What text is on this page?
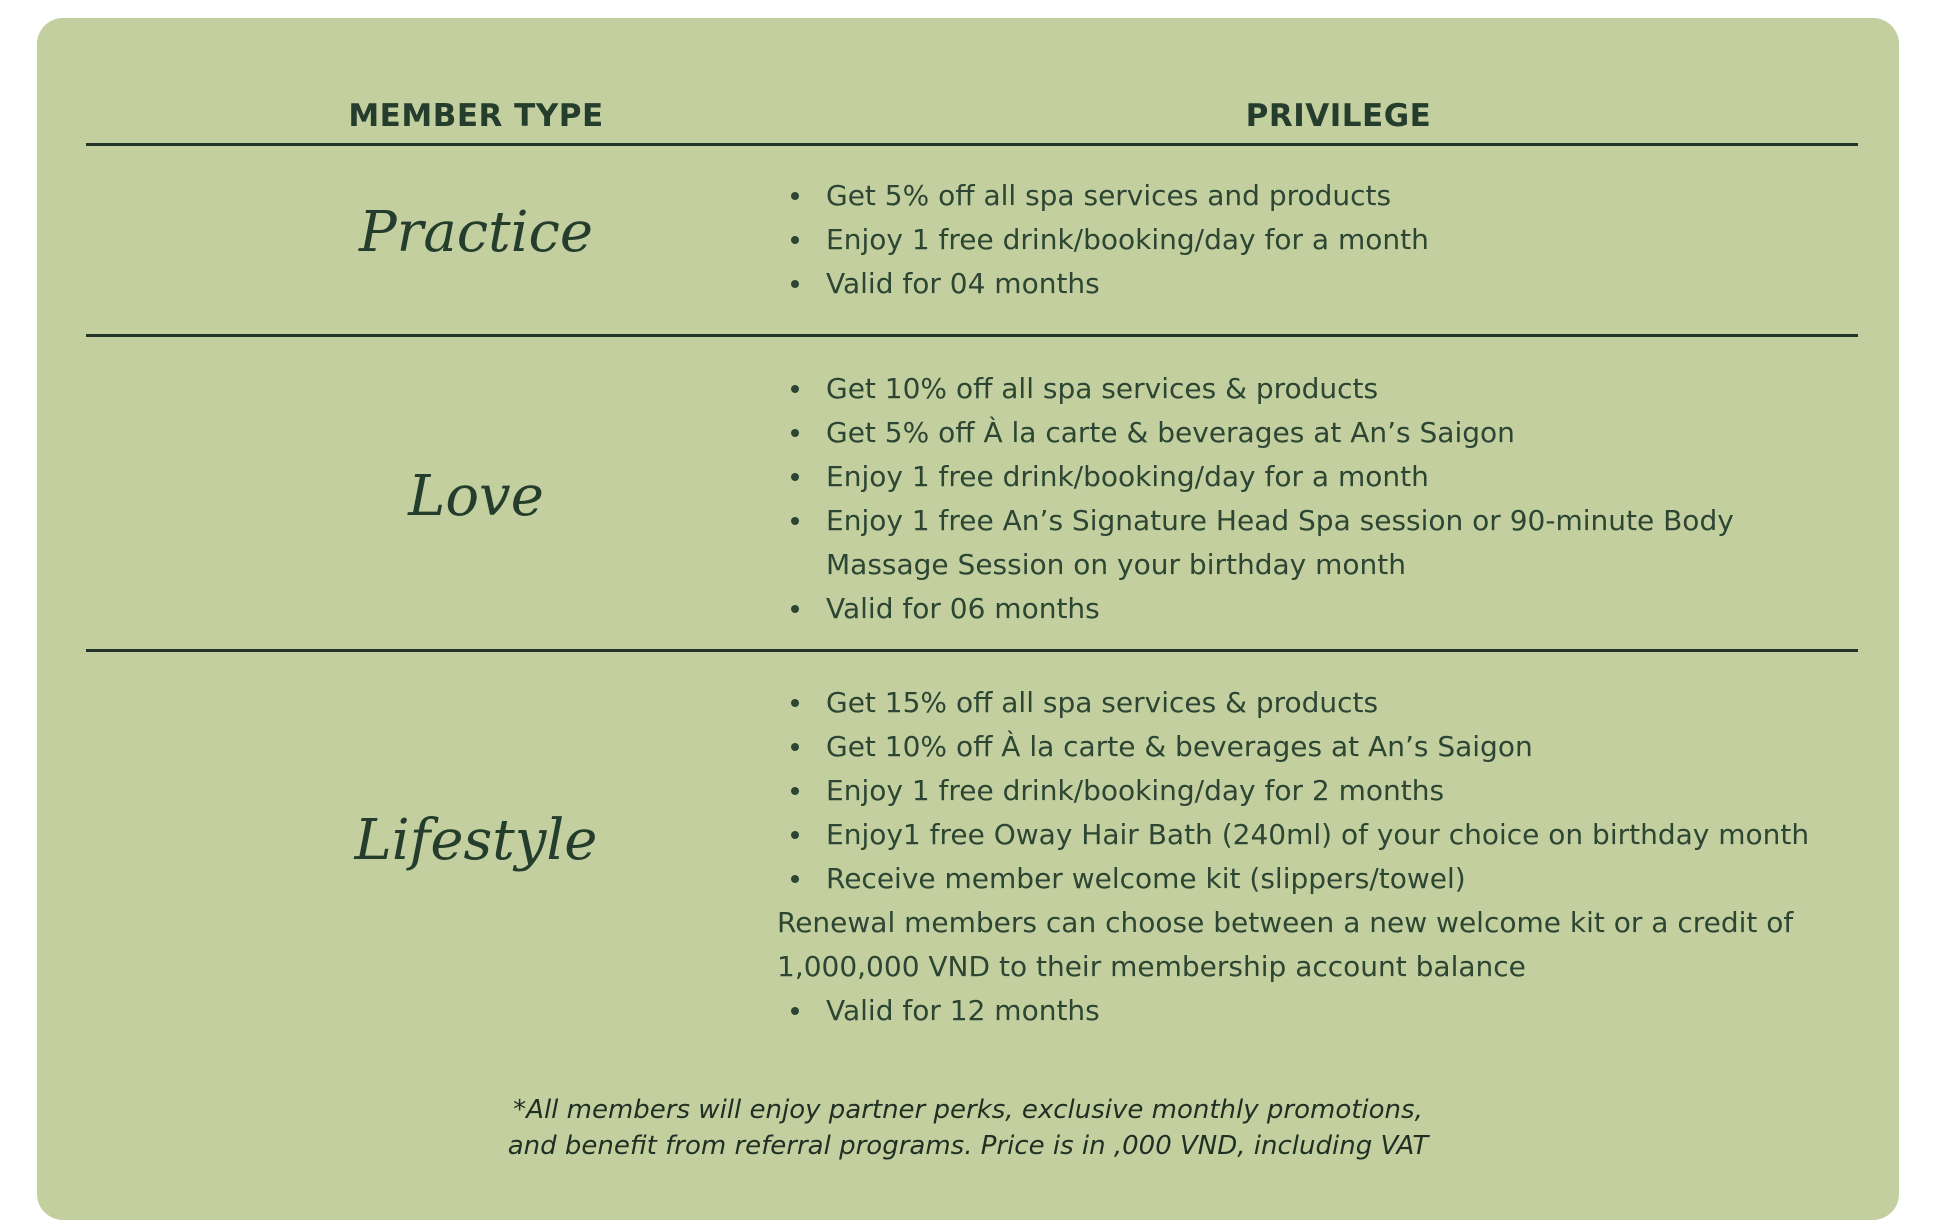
MEMBER TYPE	PRIVILEGE
Practice
Get 5% off all spa services and products
Enjoy 1 free drink/booking/day for a month
Valid for 04 months
Love
Get 10% off all spa services & products
Get 5% off À la carte & beverages at An’s Saigon
Enjoy 1 free drink/booking/day for a month
Enjoy 1 free An’s Signature Head Spa session or 90-minute Body Massage Session on your birthday month
Valid for 06 months
Lifestyle
Get 15% off all spa services & products
Get 10% off À la carte & beverages at An’s Saigon
Enjoy 1 free drink/booking/day for 2 months
Enjoy1 free Oway Hair Bath (240ml) of your choice on birthday month
Receive member welcome kit (slippers/towel)
Renewal members can choose between a new welcome kit or a credit of 1,000,000 VND to their membership account balance
Valid for 12 months
*All members will enjoy partner perks, exclusive monthly promotions,
and benefit from referral programs. Price is in ,000 VND, including VAT
